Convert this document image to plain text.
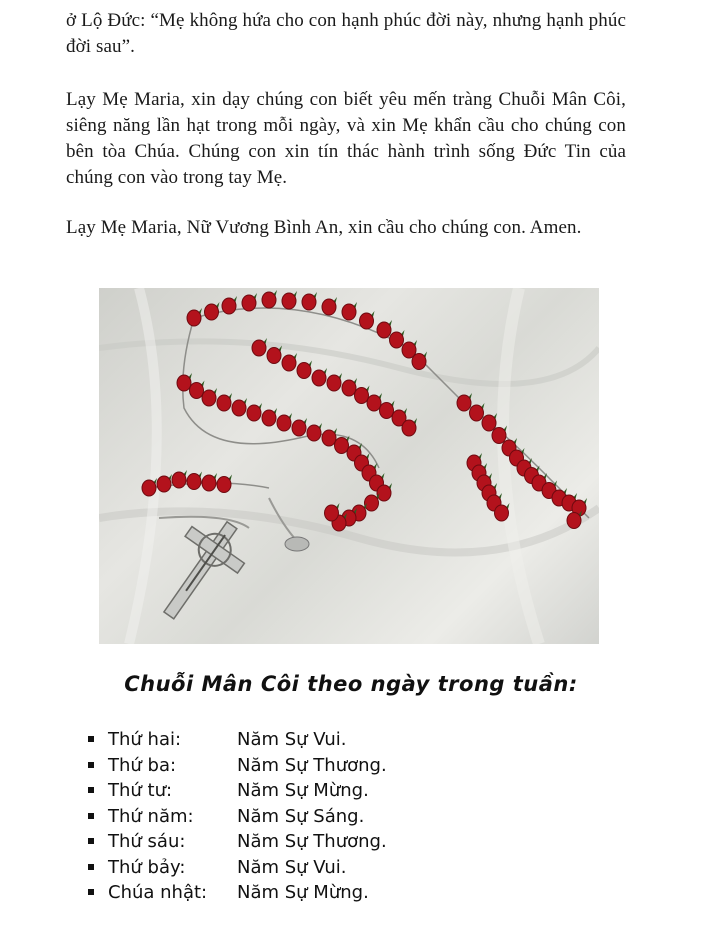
ở Lộ Đức: “Mẹ không hứa cho con hạnh phúc đời này, nhưng hạnh phúc đời sau”.

Lạy Mẹ Maria, xin dạy chúng con biết yêu mến tràng Chuỗi Mân Côi, siêng năng lần hạt trong mỗi ngày, và xin Mẹ khẩn cầu cho chúng con bên tòa Chúa. Chúng con xin tín thác hành trình sống Đức Tin của chúng con vào trong tay Mẹ.

Lạy Mẹ Maria, Nữ Vương Bình An, xin cầu cho chúng con. Amen.

Chuỗi Mân Côi theo ngày trong tuần:
Thứ hai:	Năm Sự Vui.
Thứ ba:	Năm Sự Thương.
Thứ tư:	Năm Sự Mừng.
Thứ năm: Năm Sự Sáng.
Thứ sáu:	Năm Sự Thương.
Thứ bảy:	Năm Sự Vui.
Chúa nhật: Năm Sự Mừng.
